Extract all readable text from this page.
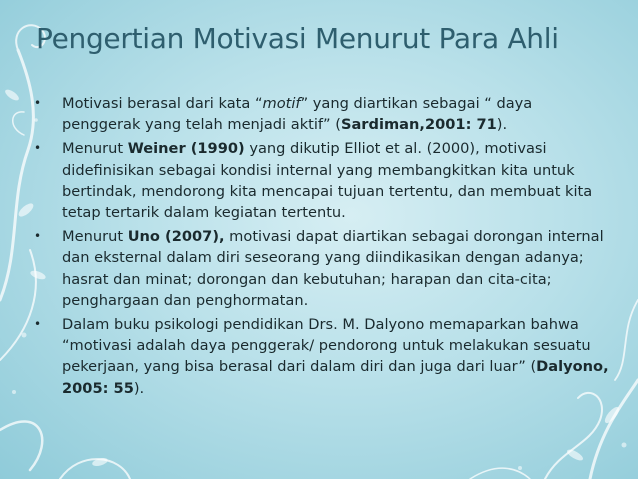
Pengertian Motivasi Menurut Para Ahli
• Motivasi berasal dari kata “motif” yang diartikan sebagai “ daya penggerak yang telah menjadi aktif” (Sardiman,2001: 71).
• Menurut Weiner (1990) yang dikutip Elliot et al. (2000), motivasi didefinisikan sebagai kondisi internal yang membangkitkan kita untuk bertindak, mendorong kita mencapai tujuan tertentu, dan membuat kita tetap tertarik dalam kegiatan tertentu.
• Menurut Uno (2007), motivasi dapat diartikan sebagai dorongan internal dan eksternal dalam diri seseorang yang diindikasikan dengan adanya; hasrat dan minat; dorongan dan kebutuhan; harapan dan cita-cita; penghargaan dan penghormatan.
• Dalam buku psikologi pendidikan Drs. M. Dalyono memaparkan bahwa “motivasi adalah daya penggerak/ pendorong untuk melakukan sesuatu pekerjaan, yang bisa berasal dari dalam diri dan juga dari luar” (Dalyono, 2005: 55).
